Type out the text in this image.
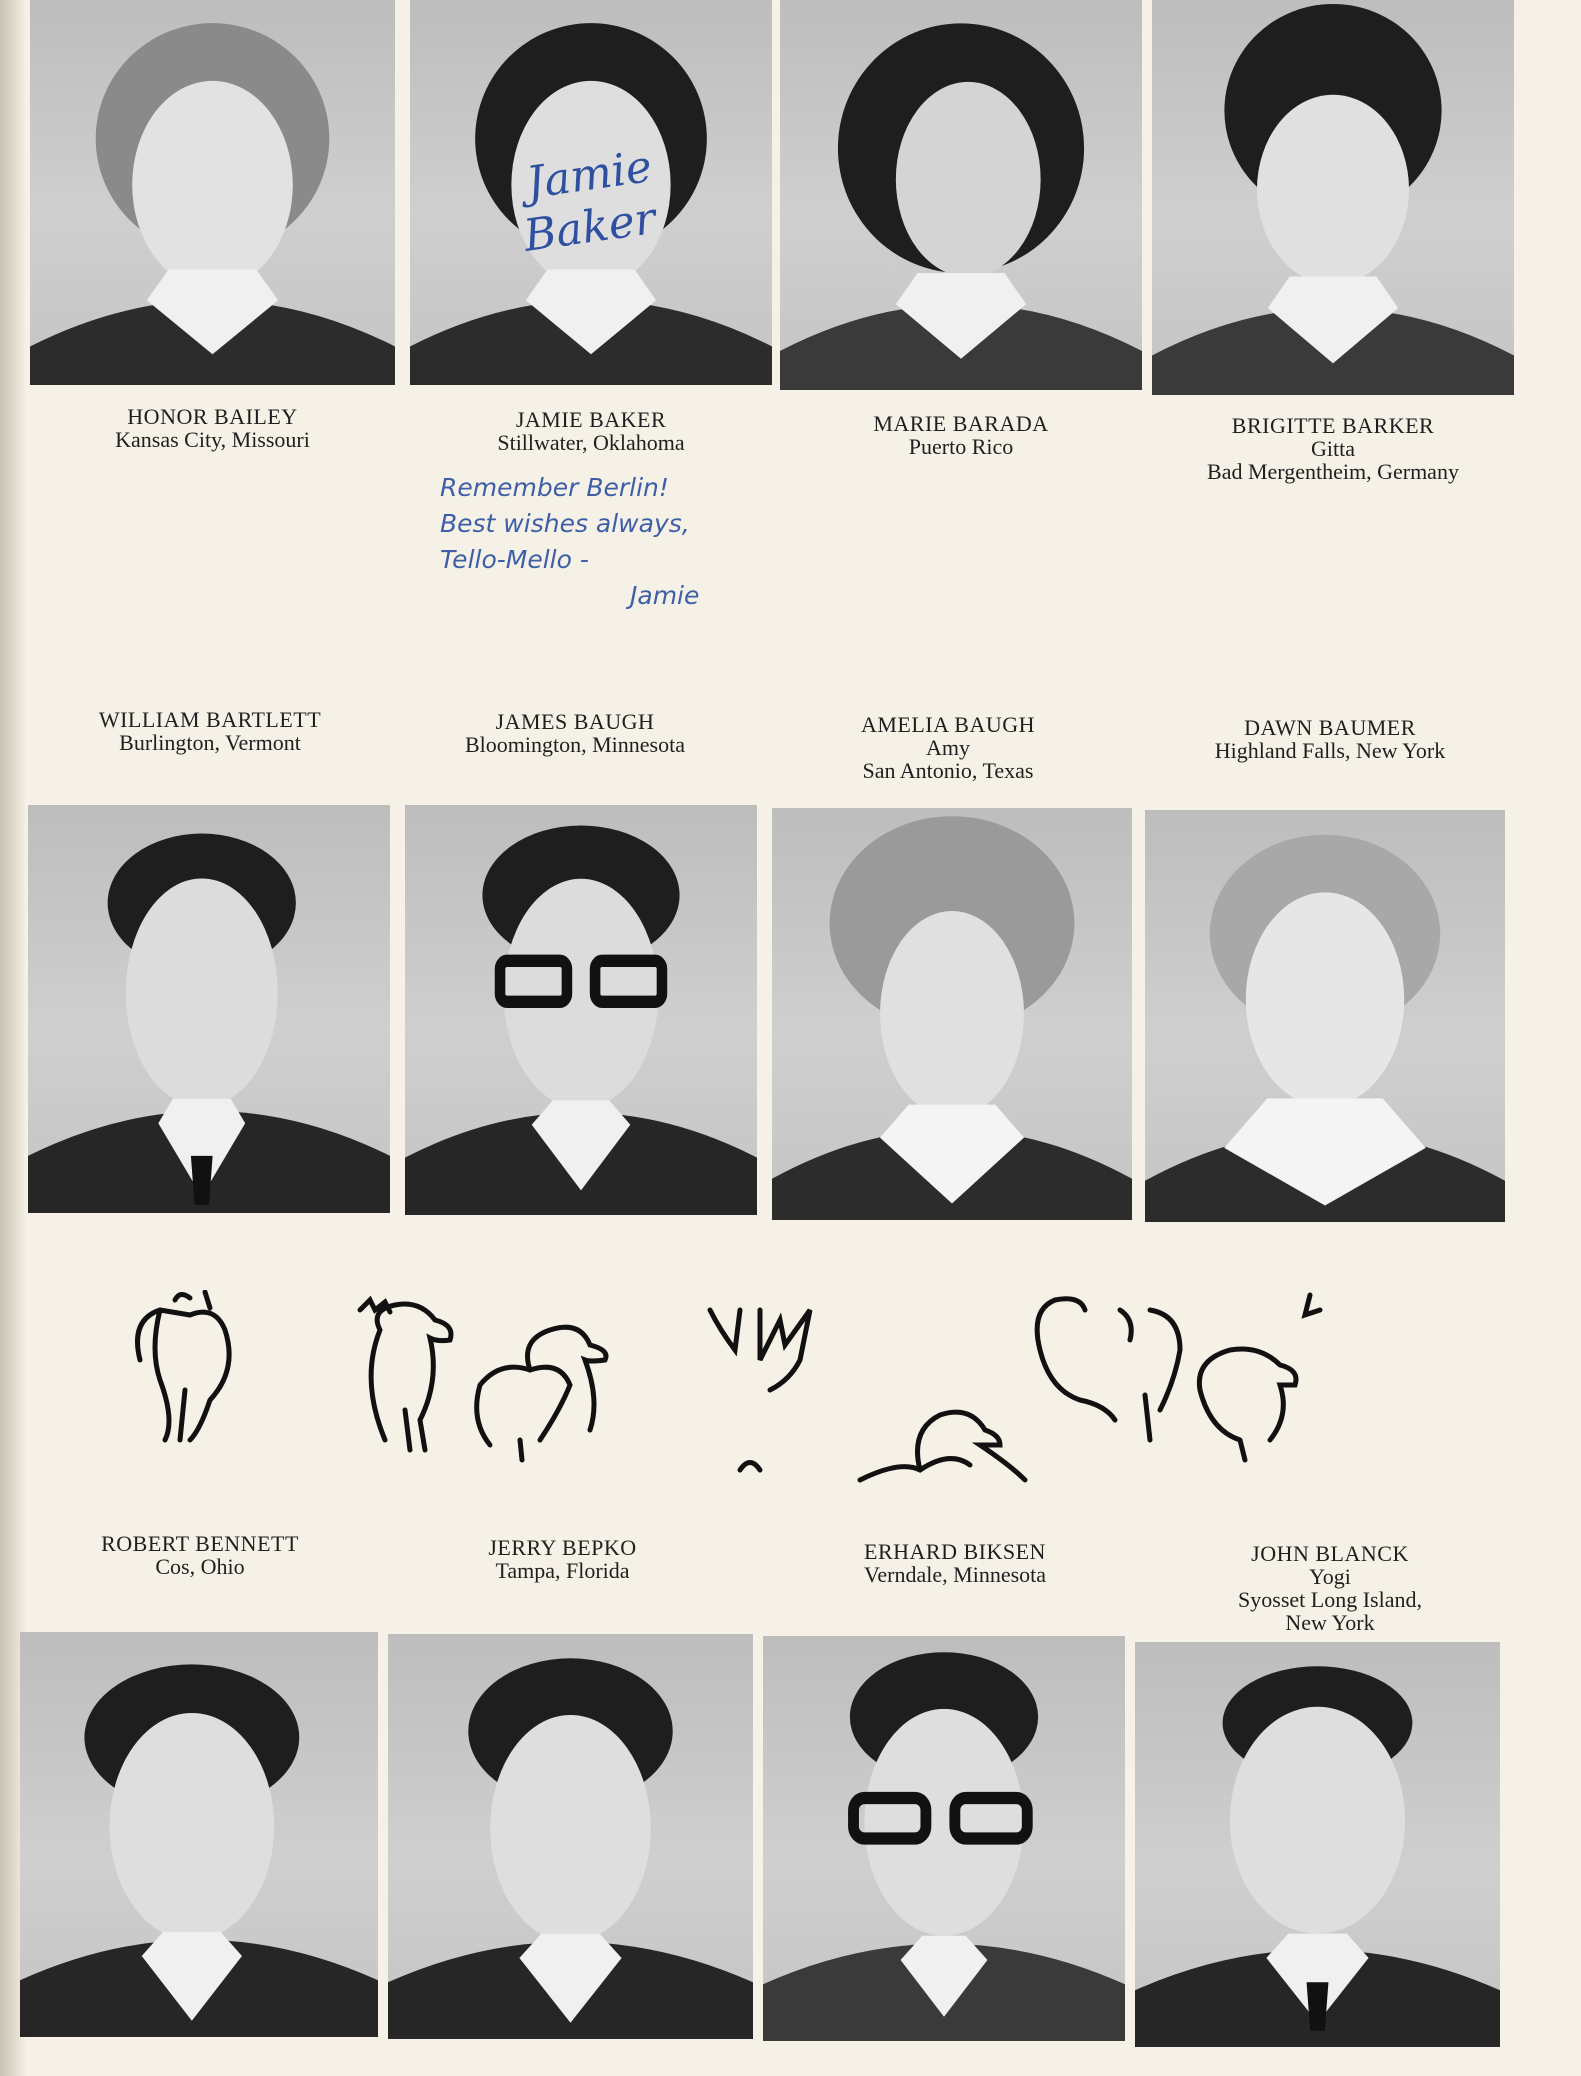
Jamie
Baker
HONOR BAILEY
Kansas City, Missouri
JAMIE BAKER
Stillwater, Oklahoma
MARIE BARADA
Puerto Rico
BRIGITTE BARKER
Gitta
Bad Mergentheim, Germany
Remember Berlin!
Best wishes always,
Tello-Mello -
Jamie
WILLIAM BARTLETT
Burlington, Vermont
JAMES BAUGH
Bloomington, Minnesota
AMELIA BAUGH
Amy
San Antonio, Texas
DAWN BAUMER
Highland Falls, New York
ROBERT BENNETT
Cos, Ohio
JERRY BEPKO
Tampa, Florida
ERHARD BIKSEN
Verndale, Minnesota
JOHN BLANCK
Yogi
Syosset Long Island,
New York
